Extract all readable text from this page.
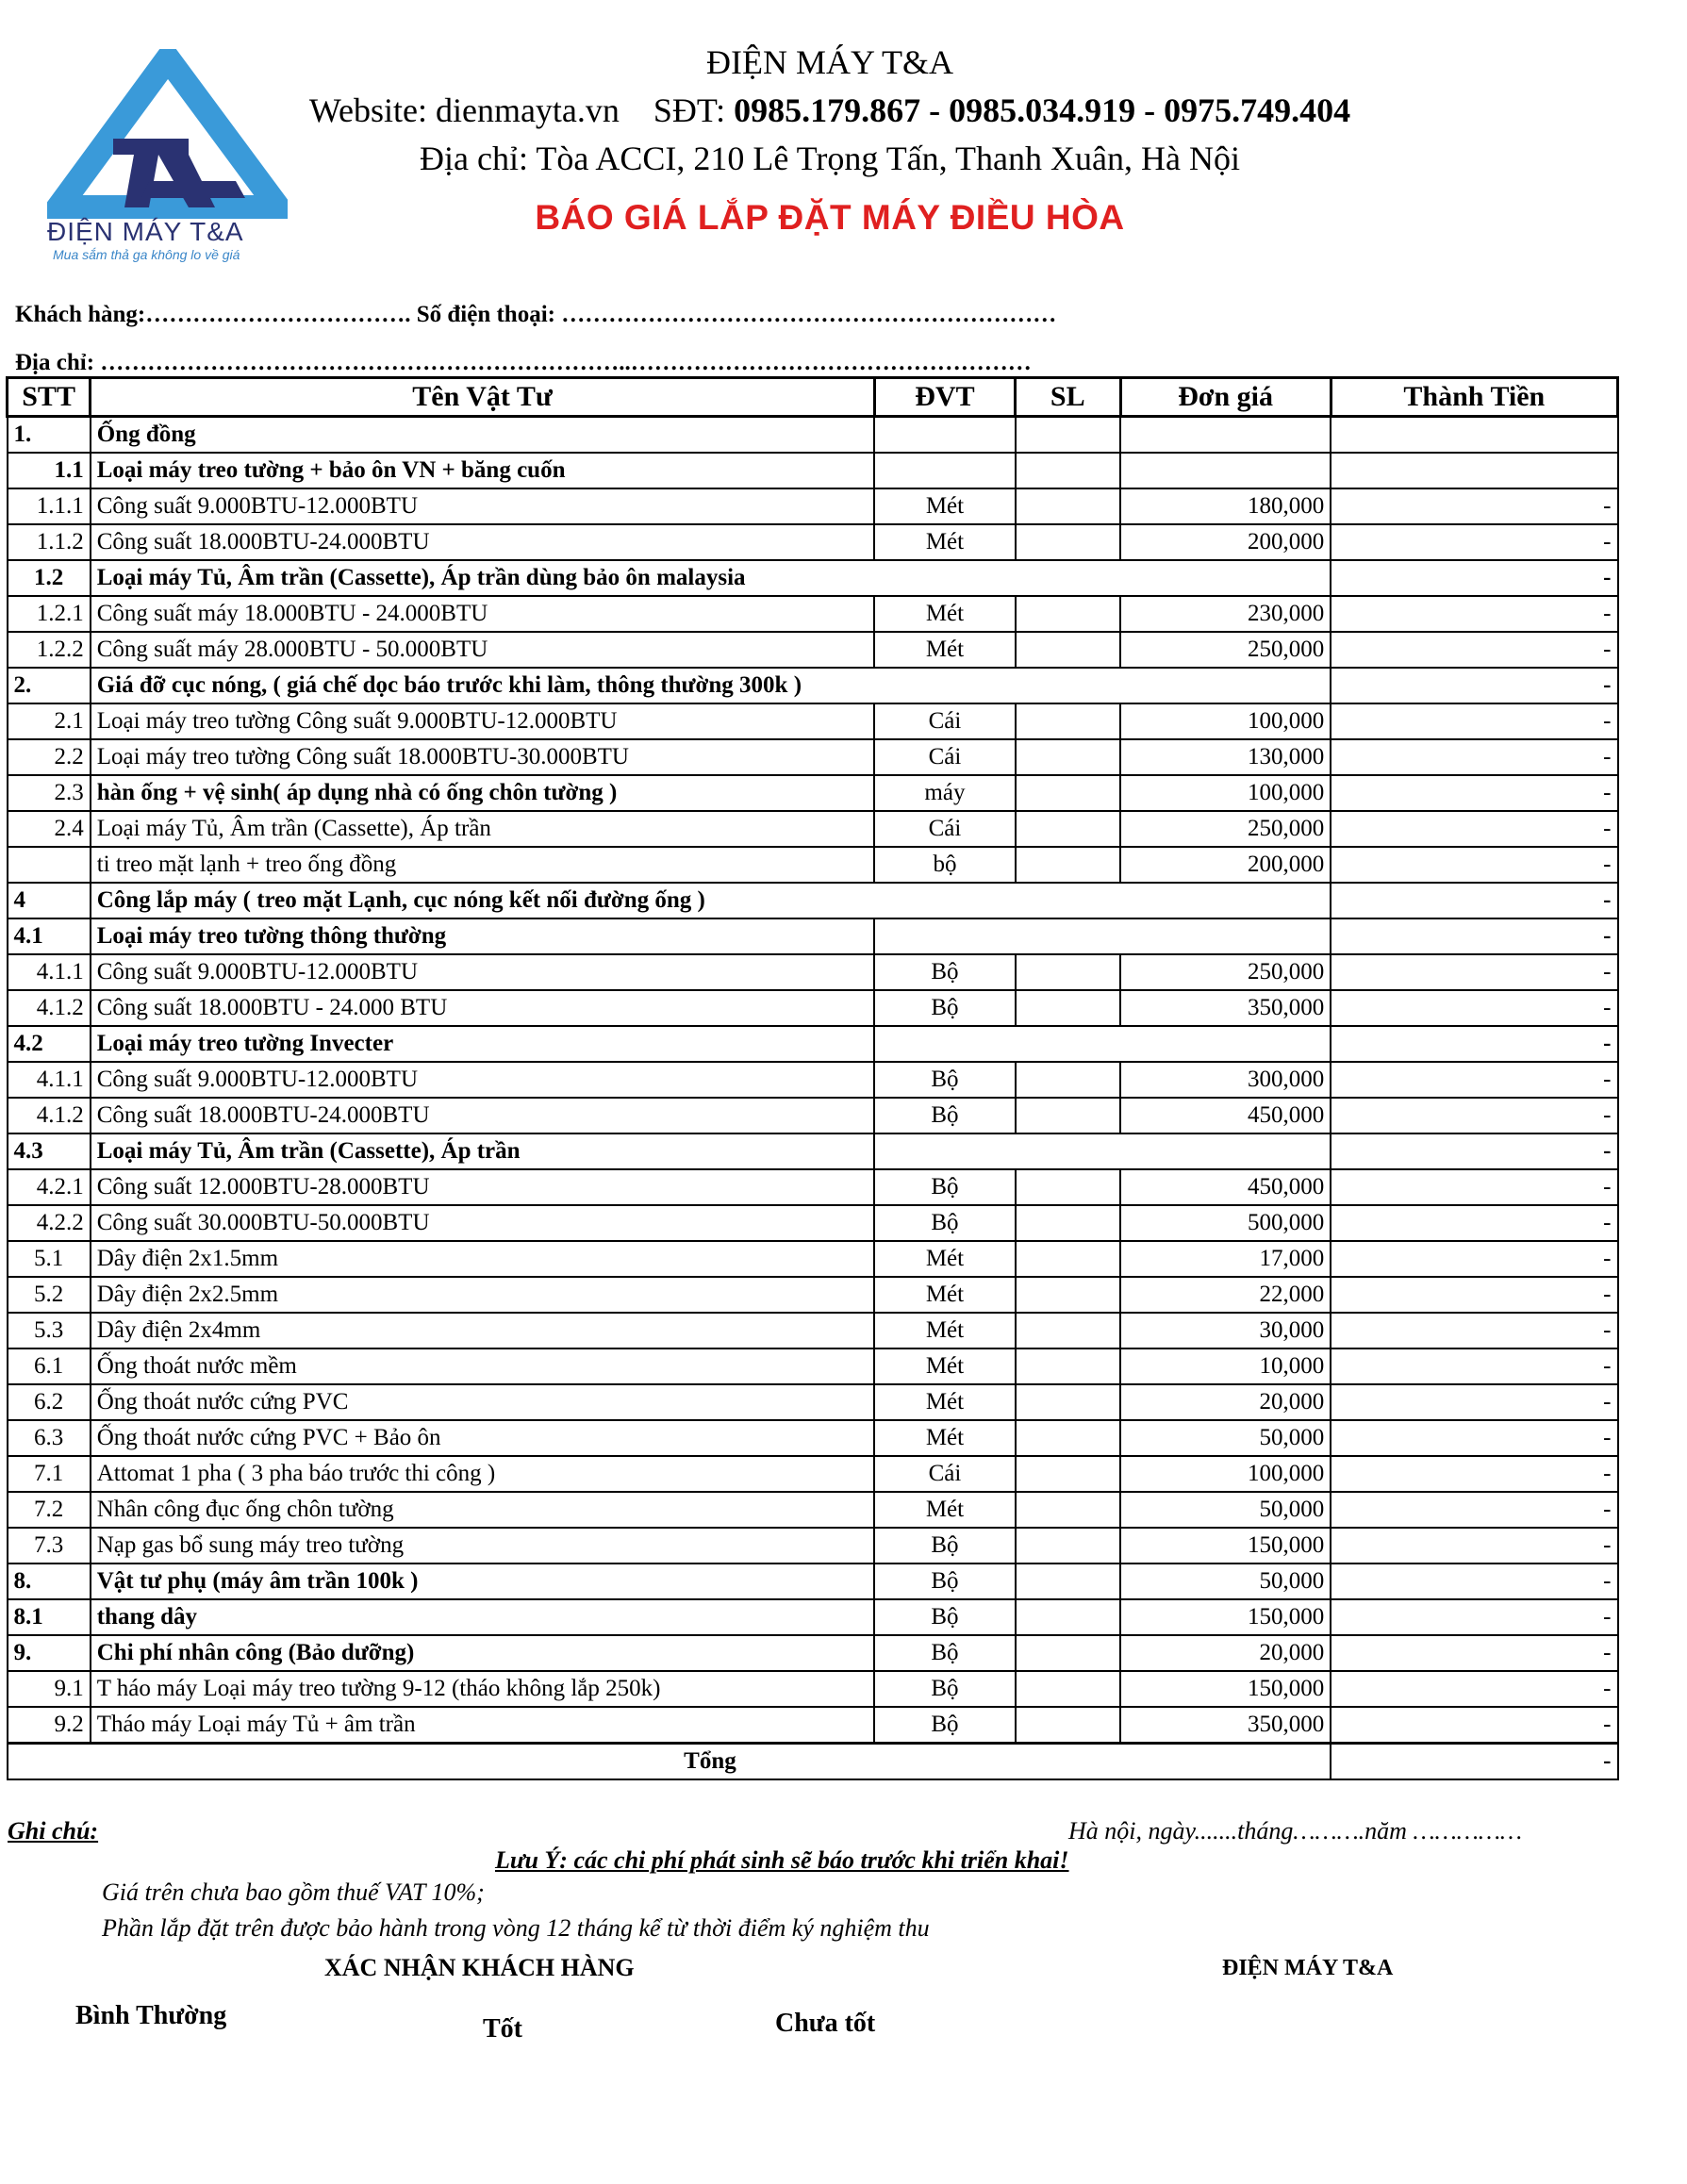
ĐIỆN MÁY T&A
Mua sắm thả ga không lo về giá
ĐIỆN MÁY T&A
Website: dienmayta.vn SĐT: 0985.179.867 - 0985.034.919 - 0975.749.404
Địa chỉ: Tòa ACCI, 210 Lê Trọng Tấn, Thanh Xuân, Hà Nội
BÁO GIÁ LẮP ĐẶT MÁY ĐIỀU HÒA
Khách hàng:……………………………. Số điện thoại: ………………………………………………………
Địa chỉ: …………………………………………………………..……………………………………………
STT	Tên Vật Tư	ĐVT	SL	Đơn giá	Thành Tiền
1.	Ống đồng				
1.1	Loại máy treo tường + bảo ôn VN + băng cuốn				
1.1.1	Công suất 9.000BTU-12.000BTU	Mét		180,000	-
1.1.2	Công suất 18.000BTU-24.000BTU	Mét		200,000	-
1.2	Loại máy Tủ, Âm trần (Cassette), Áp trần dùng bảo ôn malaysia				-
1.2.1	Công suất máy 18.000BTU - 24.000BTU	Mét		230,000	-
1.2.2	Công suất máy 28.000BTU - 50.000BTU	Mét		250,000	-
2.	Giá đỡ cục nóng, ( giá chế dọc báo trước khi làm, thông thường 300k )				-
2.1	Loại máy treo tường Công suất 9.000BTU-12.000BTU	Cái		100,000	-
2.2	Loại máy treo tường Công suất 18.000BTU-30.000BTU	Cái		130,000	-
2.3	hàn ống + vệ sinh( áp dụng nhà có ống chôn tường )	máy		100,000	-
2.4	Loại máy Tủ, Âm trần (Cassette), Áp trần	Cái		250,000	-
	ti treo mặt lạnh + treo ống đồng	bộ		200,000	-
4	Công lắp máy ( treo mặt Lạnh, cục nóng kết nối đường ống )				-
4.1	Loại máy treo tường thông thường				-
4.1.1	Công suất 9.000BTU-12.000BTU	Bộ		250,000	-
4.1.2	Công suất 18.000BTU - 24.000 BTU	Bộ		350,000	-
4.2	Loại máy treo tường Invecter				-
4.1.1	Công suất 9.000BTU-12.000BTU	Bộ		300,000	-
4.1.2	Công suất 18.000BTU-24.000BTU	Bộ		450,000	-
4.3	Loại máy Tủ, Âm trần (Cassette), Áp trần				-
4.2.1	Công suất 12.000BTU-28.000BTU	Bộ		450,000	-
4.2.2	Công suất 30.000BTU-50.000BTU	Bộ		500,000	-
5.1	Dây điện 2x1.5mm	Mét		17,000	-
5.2	Dây điện 2x2.5mm	Mét		22,000	-
5.3	Dây điện 2x4mm	Mét		30,000	-
6.1	Ống thoát nước mềm	Mét		10,000	-
6.2	Ống thoát nước cứng PVC	Mét		20,000	-
6.3	Ống thoát nước cứng PVC + Bảo ôn	Mét		50,000	-
7.1	Attomat 1 pha ( 3 pha báo trước thi công )	Cái		100,000	-
7.2	Nhân công đục ống chôn tường	Mét		50,000	-
7.3	Nạp gas bổ sung máy treo tường	Bộ		150,000	-
8.	Vật tư phụ (máy âm trần 100k )	Bộ		50,000	-
8.1	thang dây	Bộ		150,000	-
9.	Chi phí nhân công (Bảo dưỡng)	Bộ		20,000	-
9.1	T háo máy Loại máy treo tường 9-12 (tháo không lắp 250k)	Bộ		150,000	-
9.2	Tháo máy Loại máy Tủ + âm trần	Bộ		350,000	-
	Tổng				-
Ghi chú:	Hà nội, ngày.......tháng……….năm ……………
Lưu Ý: các chi phí phát sinh sẽ báo trước khi triển khai!
Giá trên chưa bao gồm thuế VAT 10%;
Phần lắp đặt trên được bảo hành trong vòng 12 tháng kể từ thời điểm ký nghiệm thu
XÁC NHẬN KHÁCH HÀNG	ĐIỆN MÁY T&A
Bình Thường	Tốt	Chưa tốt
